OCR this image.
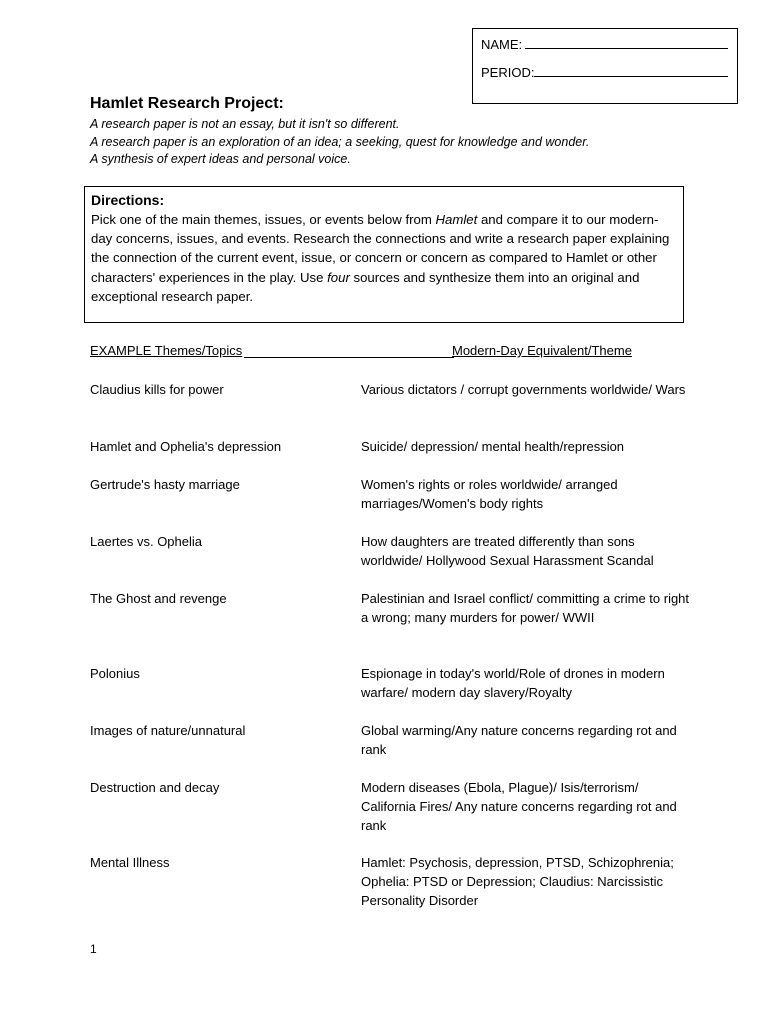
NAME:
PERIOD:
Hamlet Research Project:
A research paper is not an essay, but it isn't so different.
A research paper is an exploration of an idea; a seeking, quest for knowledge and wonder.
A synthesis of expert ideas and personal voice.
Directions:
Pick one of the main themes, issues, or events below from Hamlet and compare it to our modern-day concerns, issues, and events. Research the connections and write a research paper explaining the connection of the current event, issue, or concern or concern as compared to Hamlet or other characters' experiences in the play. Use four sources and synthesize them into an original and exceptional research paper.
EXAMPLE Themes/Topics	Modern-Day Equivalent/Theme
Claudius kills for power	Various dictators / corrupt governments worldwide/ Wars
Hamlet and Ophelia's depression	Suicide/ depression/ mental health/repression
Gertrude's hasty marriage	Women's rights or roles worldwide/ arranged marriages/Women's body rights
Laertes vs. Ophelia	How daughters are treated differently than sons worldwide/ Hollywood Sexual Harassment Scandal
The Ghost and revenge	Palestinian and Israel conflict/ committing a crime to right a wrong; many murders for power/ WWII
Polonius	Espionage in today's world/Role of drones in modern warfare/ modern day slavery/Royalty
Images of nature/unnatural	Global warming/Any nature concerns regarding rot and rank
Destruction and decay	Modern diseases (Ebola, Plague)/ Isis/terrorism/ California Fires/ Any nature concerns regarding rot and rank
Mental Illness	Hamlet: Psychosis, depression, PTSD, Schizophrenia; Ophelia: PTSD or Depression; Claudius: Narcissistic Personality Disorder
1
